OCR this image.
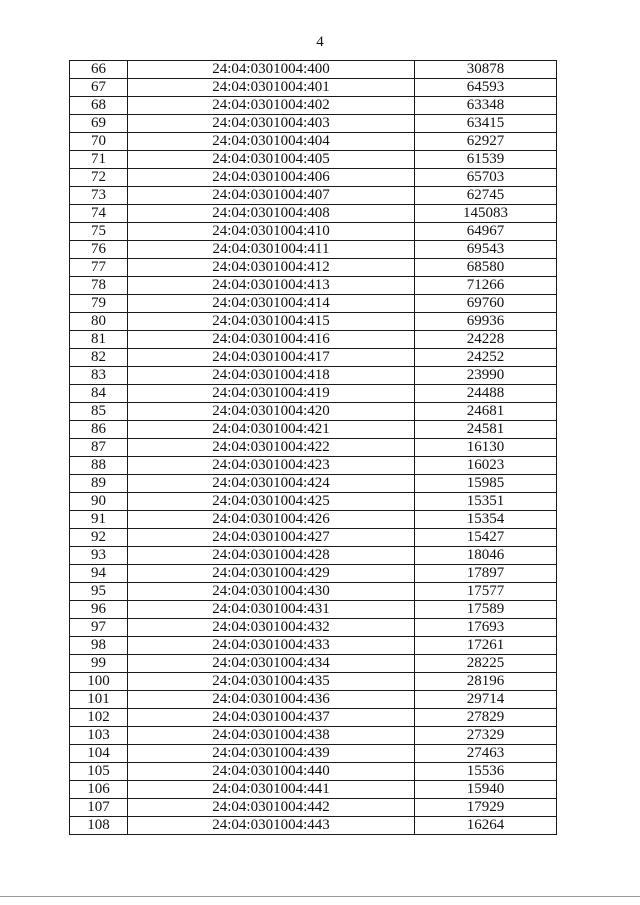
4
66	24:04:0301004:400	30878
67	24:04:0301004:401	64593
68	24:04:0301004:402	63348
69	24:04:0301004:403	63415
70	24:04:0301004:404	62927
71	24:04:0301004:405	61539
72	24:04:0301004:406	65703
73	24:04:0301004:407	62745
74	24:04:0301004:408	145083
75	24:04:0301004:410	64967
76	24:04:0301004:411	69543
77	24:04:0301004:412	68580
78	24:04:0301004:413	71266
79	24:04:0301004:414	69760
80	24:04:0301004:415	69936
81	24:04:0301004:416	24228
82	24:04:0301004:417	24252
83	24:04:0301004:418	23990
84	24:04:0301004:419	24488
85	24:04:0301004:420	24681
86	24:04:0301004:421	24581
87	24:04:0301004:422	16130
88	24:04:0301004:423	16023
89	24:04:0301004:424	15985
90	24:04:0301004:425	15351
91	24:04:0301004:426	15354
92	24:04:0301004:427	15427
93	24:04:0301004:428	18046
94	24:04:0301004:429	17897
95	24:04:0301004:430	17577
96	24:04:0301004:431	17589
97	24:04:0301004:432	17693
98	24:04:0301004:433	17261
99	24:04:0301004:434	28225
100	24:04:0301004:435	28196
101	24:04:0301004:436	29714
102	24:04:0301004:437	27829
103	24:04:0301004:438	27329
104	24:04:0301004:439	27463
105	24:04:0301004:440	15536
106	24:04:0301004:441	15940
107	24:04:0301004:442	17929
108	24:04:0301004:443	16264
